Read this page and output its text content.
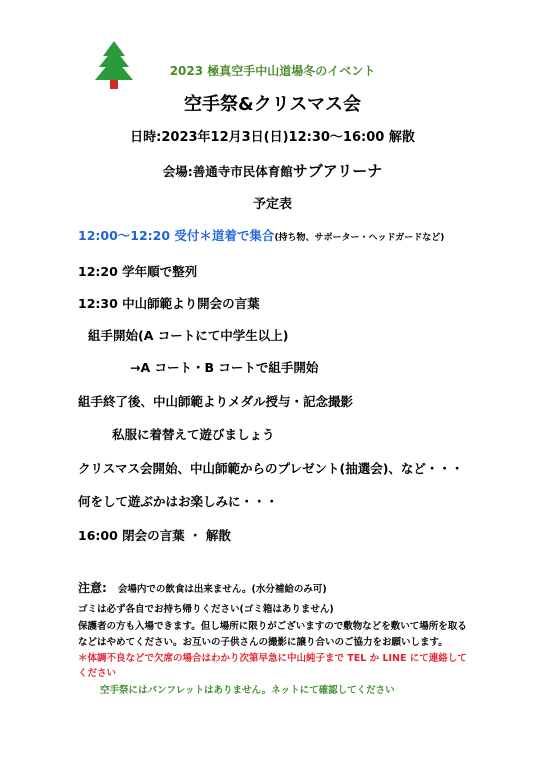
2023 極真空手中山道場冬のイベント
空手祭&クリスマス会
日時:2023年12月3日(日)12:30～16:00 解散
会場:善通寺市民体育館サブアリーナ
予定表
12:00～12:20 受付＊道着で集合(持ち物、サポーター・ヘッドガードなど)
12:20 学年順で整列
12:30 中山師範より開会の言葉
組手開始(A コートにて中学生以上)
→A コート・B コートで組手開始
組手終了後、中山師範よりメダル授与・記念撮影
私服に着替えて遊びましょう
クリスマス会開始、中山師範からのプレゼント(抽選会)、など・・・
何をして遊ぶかはお楽しみに・・・
16:00 閉会の言葉 ・ 解散
注意: 会場内での飲食は出来ません。(水分補給のみ可)
ゴミは必ず各自でお持ち帰りください(ゴミ箱はありません)
保護者の方も入場できます。但し場所に限りがございますので敷物などを敷いて場所を取る
などはやめてください。お互いの子供さんの撮影に譲り合いのご協力をお願いします。
＊体調不良などで欠席の場合はわかり次第早急に中山純子まで TEL か LINE にて連絡して
ください
空手祭にはパンフレットはありません。ネットにて確認してください
